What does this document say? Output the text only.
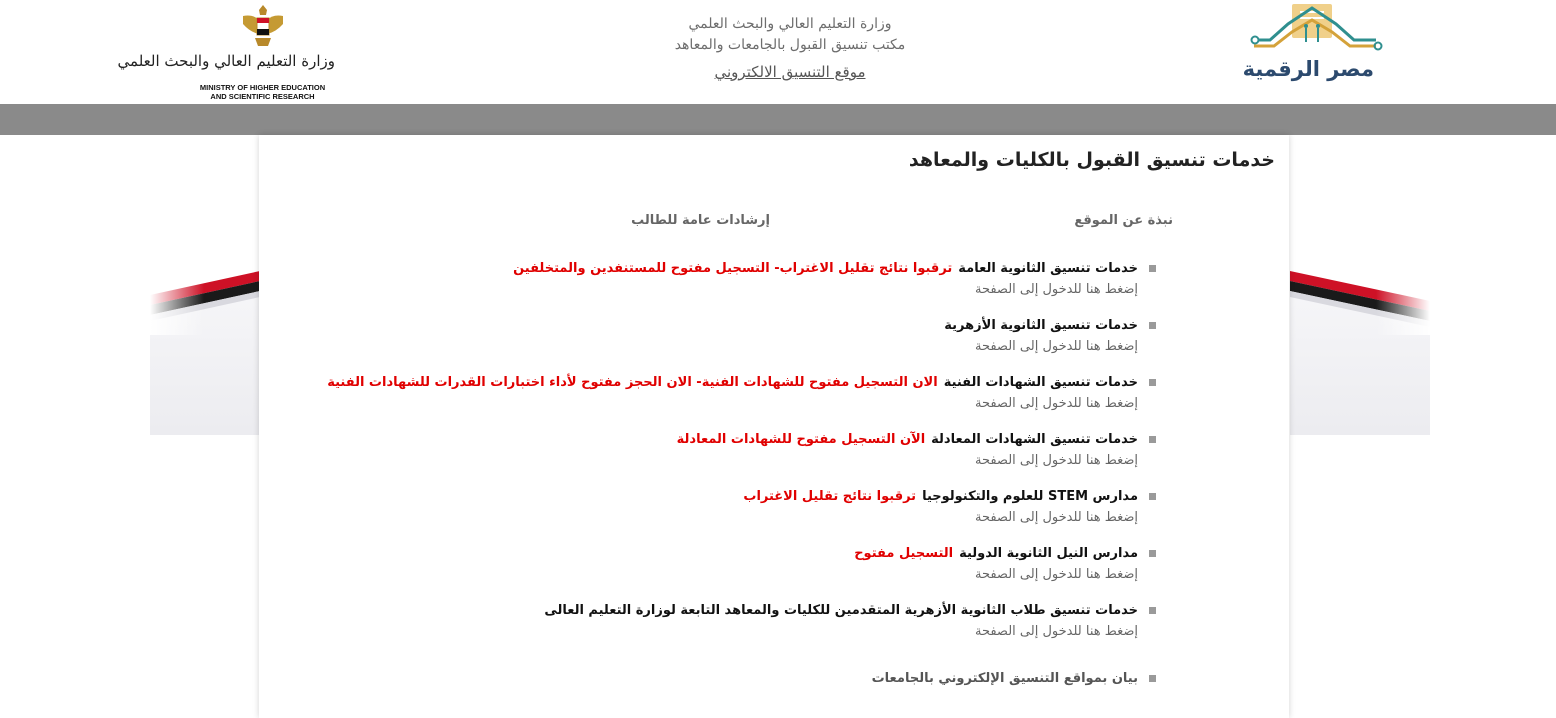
وزارة التعليم العالي والبحث العلمي
MINISTRY OF HIGHER EDUCATION
AND SCIENTIFIC RESEARCH
وزارة التعليم العالي والبحث العلمي
مكتب تنسيق القبول بالجامعات والمعاهد
موقع التنسيق الالكتروني	مصر الرقمية
خدمات تنسيق القبول بالكليات والمعاهد
نبذة عن الموقع
إرشادات عامة للطالب
خدمات تنسيق الثانوية العامة
ترقبوا نتائج تقليل الاغتراب- التسجيل مفتوح للمستنفدين والمتخلفين
إضغط هنا للدخول إلى الصفحة
خدمات تنسيق الثانوية الأزهرية
إضغط هنا للدخول إلى الصفحة
خدمات تنسيق الشهادات الفنية
الان التسجيل مفتوح للشهادات الفنية- الان الحجز مفتوح لأداء اختبارات القدرات للشهادات الفنية
إضغط هنا للدخول إلى الصفحة
خدمات تنسيق الشهادات المعادلة
الآن التسجيل مفتوح للشهادات المعادلة
إضغط هنا للدخول إلى الصفحة
مدارس STEM للعلوم والتكنولوجيا
ترقبوا نتائج تقليل الاغتراب
إضغط هنا للدخول إلى الصفحة
مدارس النيل الثانوية الدولية
التسجيل مفتوح
إضغط هنا للدخول إلى الصفحة
خدمات تنسيق طلاب الثانوية الأزهرية المتقدمين للكليات والمعاهد التابعة لوزارة التعليم العالى
إضغط هنا للدخول إلى الصفحة
بيان بمواقع التنسيق الإلكتروني بالجامعات
